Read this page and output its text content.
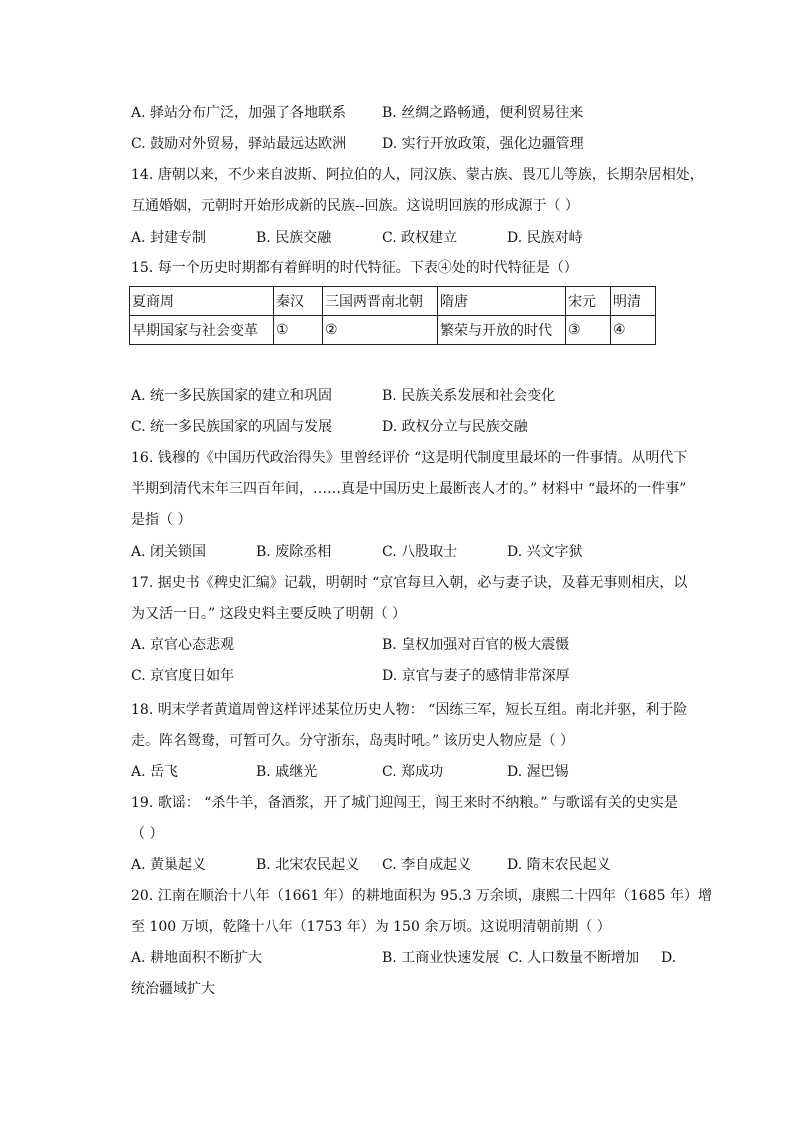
A. 驿站分布广泛，加强了各地联系	B. 丝绸之路畅通，便利贸易往来
C. 鼓励对外贸易，驿站最远达欧洲	D. 实行开放政策，强化边疆管理
14. 唐朝以来，不少来自波斯、阿拉伯的人，同汉族、蒙古族、畏兀儿等族，长期杂居相处，
互通婚姻，元朝时开始形成新的民族--回族。这说明回族的形成源于（ ）
A. 封建专制	B. 民族交融	C. 政权建立	D. 民族对峙
15. 每一个历史时期都有着鲜明的时代特征。下表④处的时代特征是（）
夏商周	秦汉	三国两晋南北朝	隋唐	宋元	明清
早期国家与社会变革	①	②	繁荣与开放的时代	③	④
A. 统一多民族国家的建立和巩固	B. 民族关系发展和社会变化
C. 统一多民族国家的巩固与发展	D. 政权分立与民族交融
16. 钱穆的《中国历代政治得失》里曾经评价 “这是明代制度里最坏的一件事情。从明代下
半期到清代末年三四百年间，……真是中国历史上最断丧人才的。” 材料中 “最坏的一件事”
是指（ ）
A. 闭关锁国	B. 废除丞相	C. 八股取士	D. 兴文字狱
17. 据史书《稗史汇编》记载，明朝时 “京官每旦入朝，必与妻子诀，及暮无事则相庆，以
为又活一日。” 这段史料主要反映了明朝（ ）
A. 京官心态悲观	B. 皇权加强对百官的极大震慑
C. 京官度日如年	D. 京官与妻子的感情非常深厚
18. 明末学者黄道周曾这样评述某位历史人物： “因练三军，短长互组。南北并驱，利于险
走。阵名鸳鸯，可暂可久。分守浙东，岛夷时吼。” 该历史人物应是（ ）
A. 岳飞	B. 戚继光	C. 郑成功	D. 渥巴锡
19. 歌谣： “杀牛羊，备酒浆，开了城门迎闯王，闯王来时不纳粮。” 与歌谣有关的史实是
（ ）
A. 黄巢起义	B. 北宋农民起义 C. 李自成起义	D. 隋末农民起义
20. 江南在顺治十八年（1661 年）的耕地面积为 95.3 万余顷，康熙二十四年（1685 年）增
至 100 万顷，乾隆十八年（1753 年）为 150 余万顷。这说明清朝前期（ ）
A. 耕地面积不断扩大	B. 工商业快速发展 C. 人口数量不断增加 D.
统治疆域扩大
